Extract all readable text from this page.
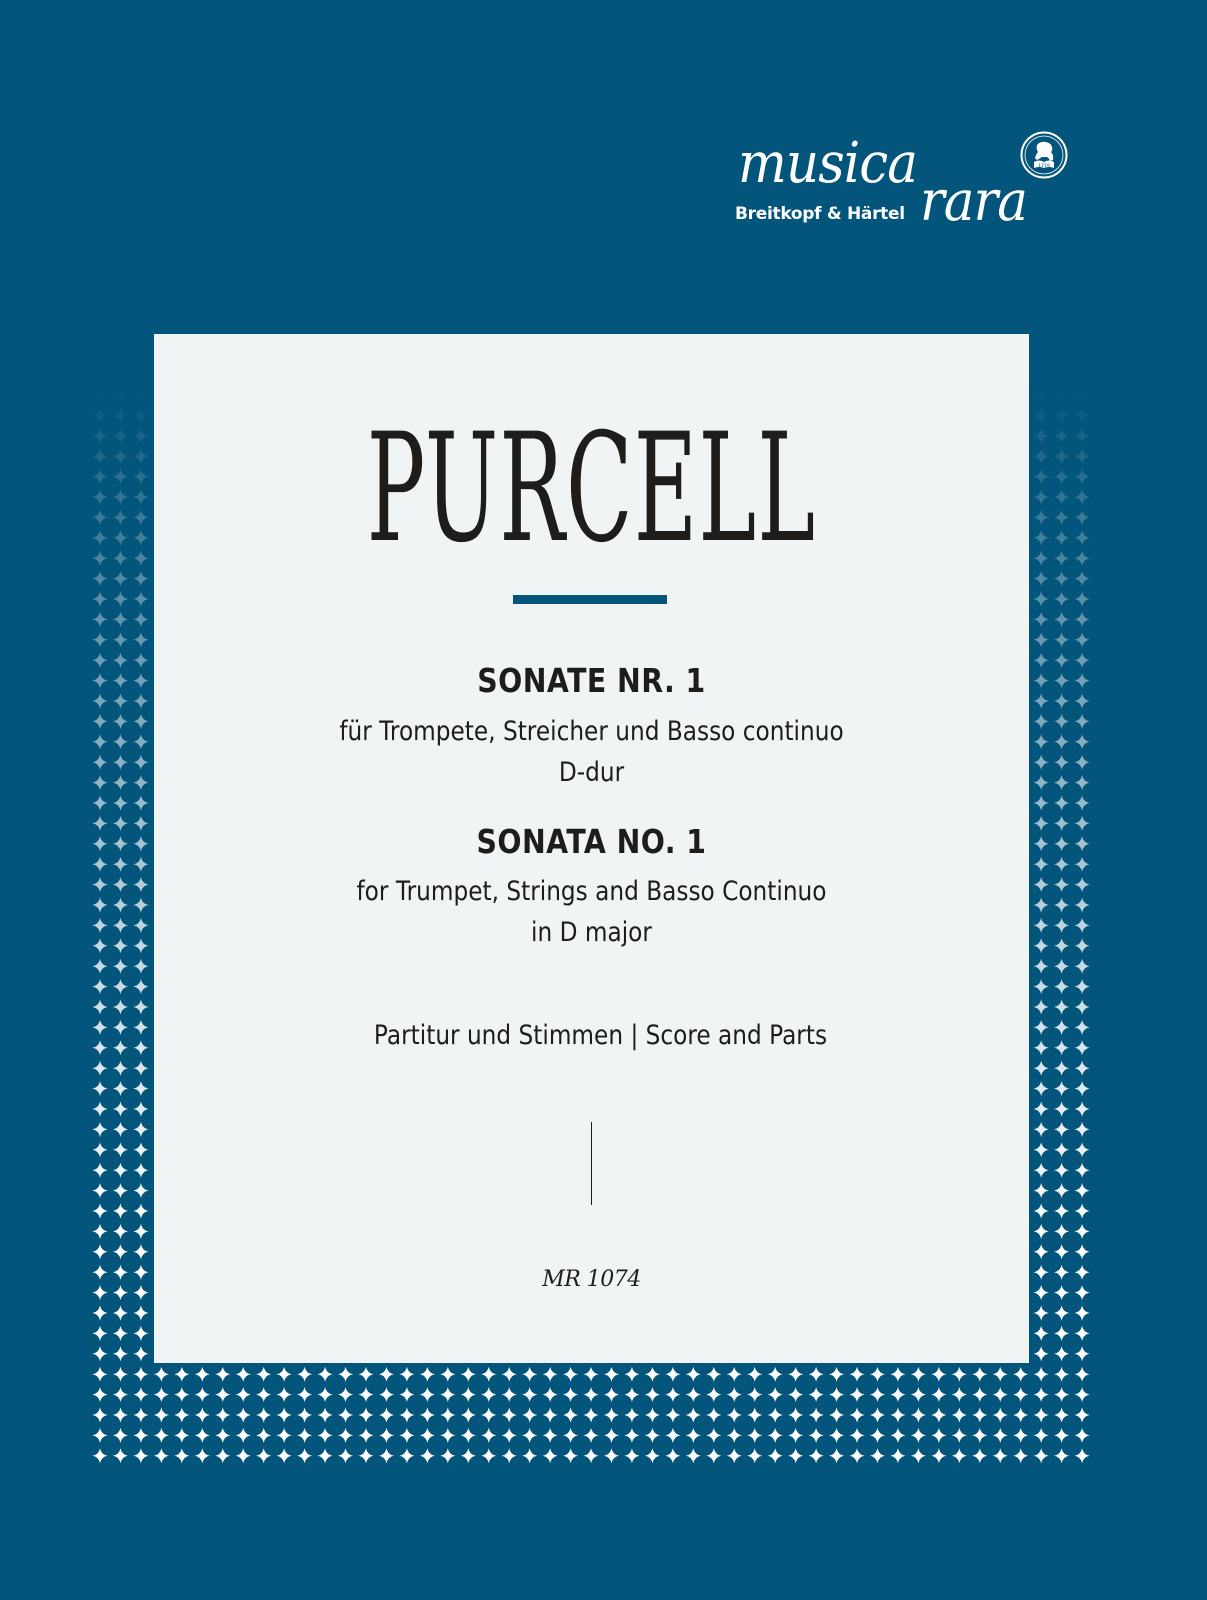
musica
Breitkopf & Härtel rara
1719
PURCELL
SONATE NR. 1
für Trompete, Streicher und Basso continuo
D-dur
SONATA NO. 1
for Trumpet, Strings and Basso Continuo
in D major
Partitur und Stimmen | Score and Parts
MR 1074
